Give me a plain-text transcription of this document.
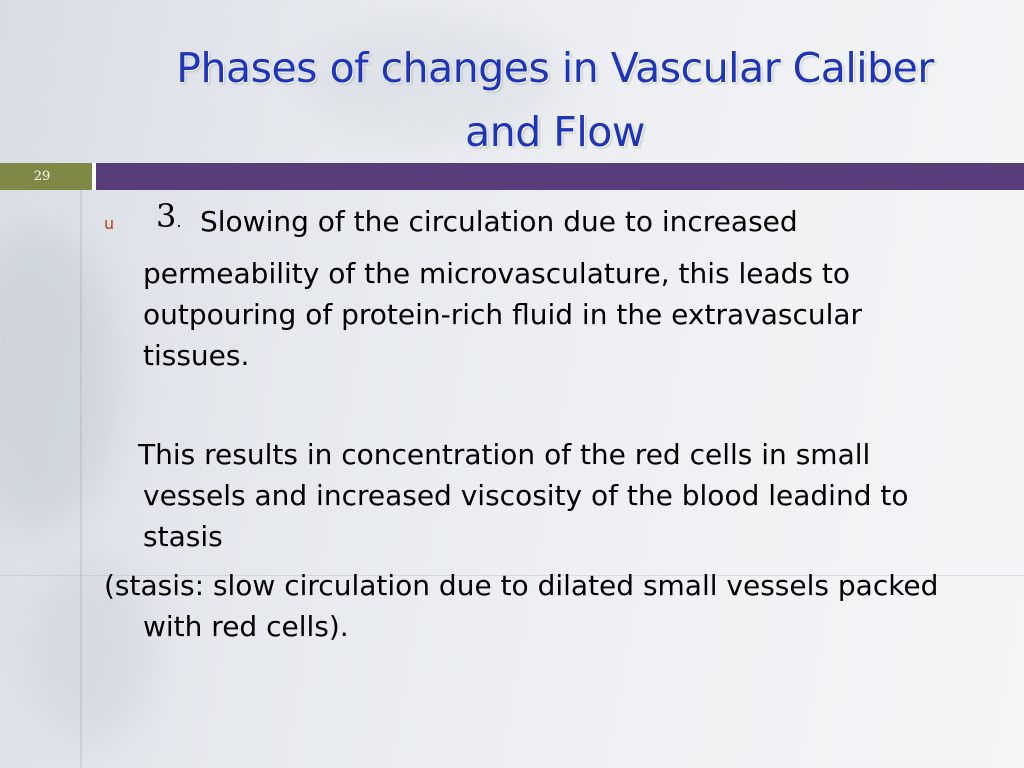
Phases of changes in Vascular Caliber
and Flow
29
u 3. Slowing of the circulation due to increased
permeability of the microvasculature, this leads to
outpouring of protein-rich fluid in the extravascular
tissues.
This results in concentration of the red cells in small
vessels and increased viscosity of the blood leadind to
stasis
(stasis: slow circulation due to dilated small vessels packed
with red cells).
